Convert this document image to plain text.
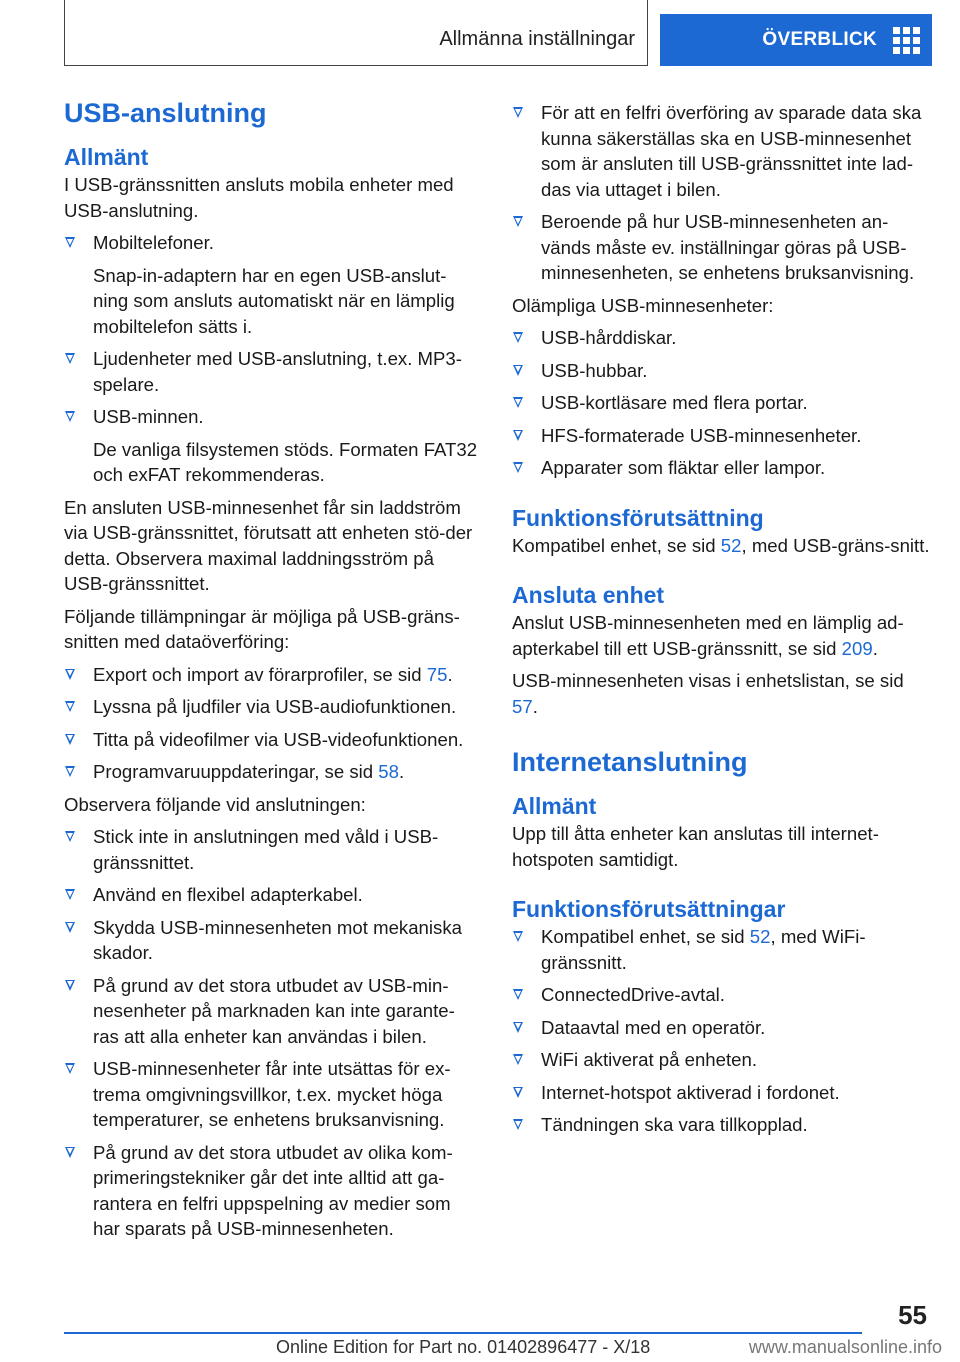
Allmänna inställningar	ÖVERBLICK
USB-anslutning
Allmänt
I USB-gränssnitten ansluts mobila enheter med USB-anslutning.
Mobiltelefoner.
Snap-in-adaptern har en egen USB-anslut‐ning som ansluts automatiskt när en lämplig mobiltelefon sätts i.
Ljudenheter med USB-anslutning, t.ex. MP3-spelare.
USB-minnen.
De vanliga filsystemen stöds. Formaten FAT32 och exFAT rekommenderas.
En ansluten USB-minnesenhet får sin laddström via USB-gränssnittet, förutsatt att enheten stö‐der detta. Observera maximal laddningsström på USB-gränssnittet.
Följande tillämpningar är möjliga på USB-gräns‐snitten med dataöverföring:
Export och import av förarprofiler, se sid 75.
Lyssna på ljudfiler via USB-audiofunktionen.
Titta på videofilmer via USB-videofunktionen.
Programvaruuppdateringar, se sid 58.
Observera följande vid anslutningen:
Stick inte in anslutningen med våld i USB-gränssnittet.
Använd en flexibel adapterkabel.
Skydda USB-minnesenheten mot mekaniska skador.
På grund av det stora utbudet av USB-min‐nesenheter på marknaden kan inte garante‐ras att alla enheter kan användas i bilen.
USB-minnesenheter får inte utsättas för ex‐trema omgivningsvillkor, t.ex. mycket höga temperaturer, se enhetens bruksanvisning.
På grund av det stora utbudet av olika kom‐primeringstekniker går det inte alltid att ga‐rantera en felfri uppspelning av medier som har sparats på USB-minnesenheten.
För att en felfri överföring av sparade data ska kunna säkerställas ska en USB-minnesenhet som är ansluten till USB-gränssnittet inte lad‐das via uttaget i bilen.
Beroende på hur USB-minnesenheten an‐vänds måste ev. inställningar göras på USB-minnesenheten, se enhetens bruksanvisning.
Olämpliga USB-minnesenheter:
USB-hårddiskar.
USB-hubbar.
USB-kortläsare med flera portar.
HFS-formaterade USB-minnesenheter.
Apparater som fläktar eller lampor.
Funktionsförutsättning
Kompatibel enhet, se sid 52, med USB-gräns‐snitt.
Ansluta enhet
Anslut USB-minnesenheten med en lämplig ad‐apterkabel till ett USB-gränssnitt, se sid 209.
USB-minnesenheten visas i enhetslistan, se sid 57.
Internetanslutning
Allmänt
Upp till åtta enheter kan anslutas till internet-hotspoten samtidigt.
Funktionsförutsättningar
Kompatibel enhet, se sid 52, med WiFi-gränssnitt.
ConnectedDrive-avtal.
Dataavtal med en operatör.
WiFi aktiverat på enheten.
Internet-hotspot aktiverad i fordonet.
Tändningen ska vara tillkopplad.
55
Online Edition for Part no. 01402896477 - X/18	www.manualsonline.info
